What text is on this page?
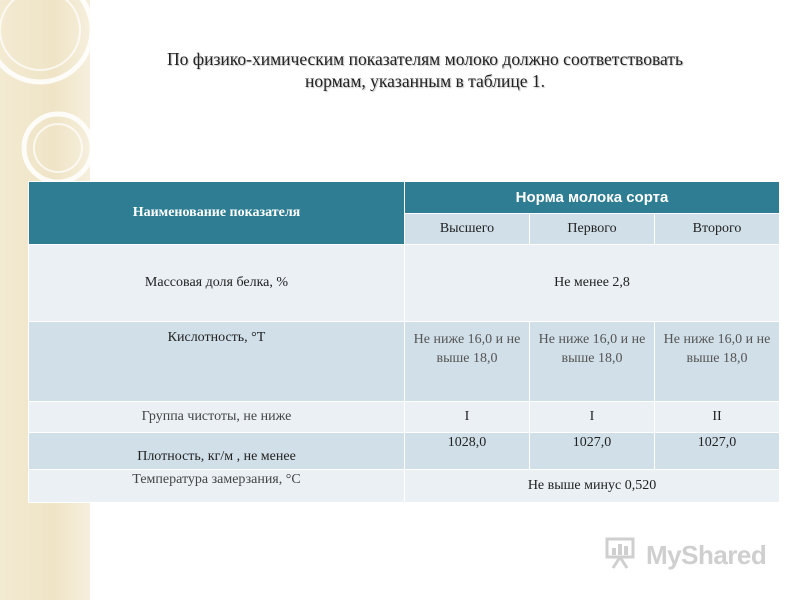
По физико-химическим показателям молоко должно соответствовать
нормам, указанным в таблице 1.
Наименование показателя	Норма молока сорта		
	Высшего	Первого	Второго
Массовая доля белка, %	Не менее 2,8		
Кислотность, °Т	Не ниже 16,0 и не выше 18,0	Не ниже 16,0 и не выше 18,0	Не ниже 16,0 и не выше 18,0
Группа чистоты, не ниже	I	I	II
Плотность, кг/м , не менее	1028,0	1027,0	1027,0
Температура замерзания, °С	Не выше минус 0,520		
MyShared
